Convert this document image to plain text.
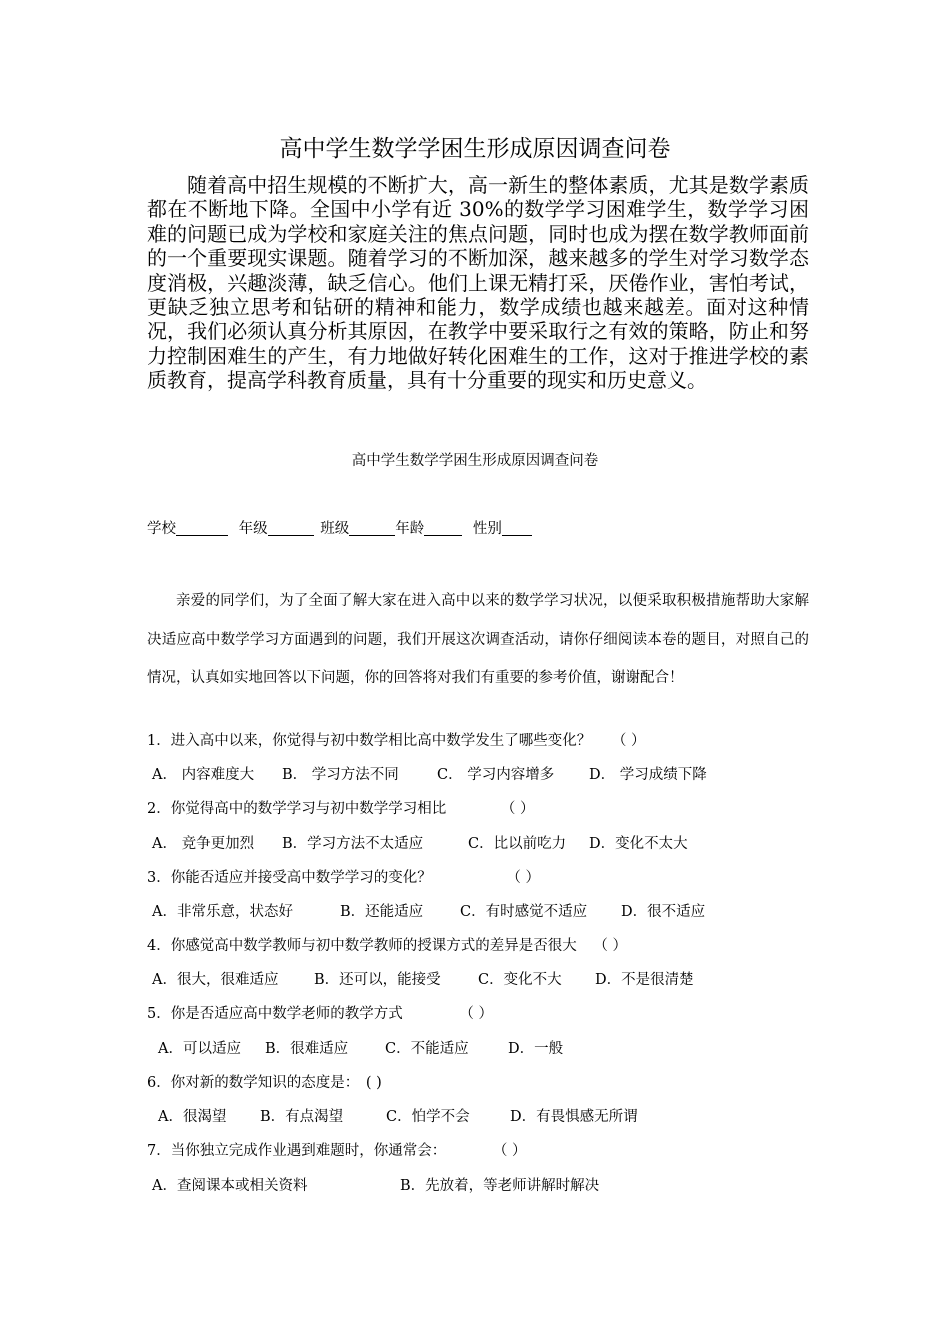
高中学生数学学困生形成原因调查问卷

随着高中招生规模的不断扩大，高一新生的整体素质，尤其是数学素质都在不断地下降。全国中小学有近 30%的数学学习困难学生，数学学习困难的问题已成为学校和家庭关注的焦点问题，同时也成为摆在数学教师面前的一个重要现实课题。随着学习的不断加深，越来越多的学生对学习数学态度消极，兴趣淡薄，缺乏信心。他们上课无精打采，厌倦作业，害怕考试，更缺乏独立思考和钻研的精神和能力，数学成绩也越来越差。面对这种情况，我们必须认真分析其原因，在教学中要采取行之有效的策略，防止和努力控制困难生的产生，有力地做好转化困难生的工作，这对于推进学校的素质教育，提高学科教育质量，具有十分重要的现实和历史意义。

高中学生数学学困生形成原因调查问卷

学校	年级	班级	年龄	性别

亲爱的同学们，为了全面了解大家在进入高中以来的数学学习状况，以便采取积极措施帮助大家解决适应高中数学学习方面遇到的问题，我们开展这次调查活动，请你仔细阅读本卷的题目，对照自己的情况，认真如实地回答以下问题，你的回答将对我们有重要的参考价值，谢谢配合！

1．进入高中以来，你觉得与初中数学相比高中数学发生了哪些变化？ （ ）
A． 内容难度大 B． 学习方法不同	C． 学习内容增多 D． 学习成绩下降
2．你觉得高中的数学学习与初中数学学习相比	（ ）
A． 竞争更加烈 B．学习方法不太适应	C．比以前吃力 D．变化不太大
3．你能否适应并接受高中数学学习的变化？	（ ）
A．非常乐意，状态好	B．还能适应	C．有时感觉不适应 D．很不适应
4．你感觉高中数学教师与初中数学教师的授课方式的差异是否很大 （ ）
A．很大，很难适应 B．还可以，能接受	C．变化不大 D．不是很清楚
5．你是否适应高中数学老师的教学方式	（ ）
A．可以适应 B．很难适应	C．不能适应	D．一般
6．你对新的数学知识的态度是： ( )
A．很渴望 B．有点渴望	C．怕学不会	D．有畏惧感无所谓
7．当你独立完成作业遇到难题时，你通常会：	（ ）
A．查阅课本或相关资料	B．先放着，等老师讲解时解决
